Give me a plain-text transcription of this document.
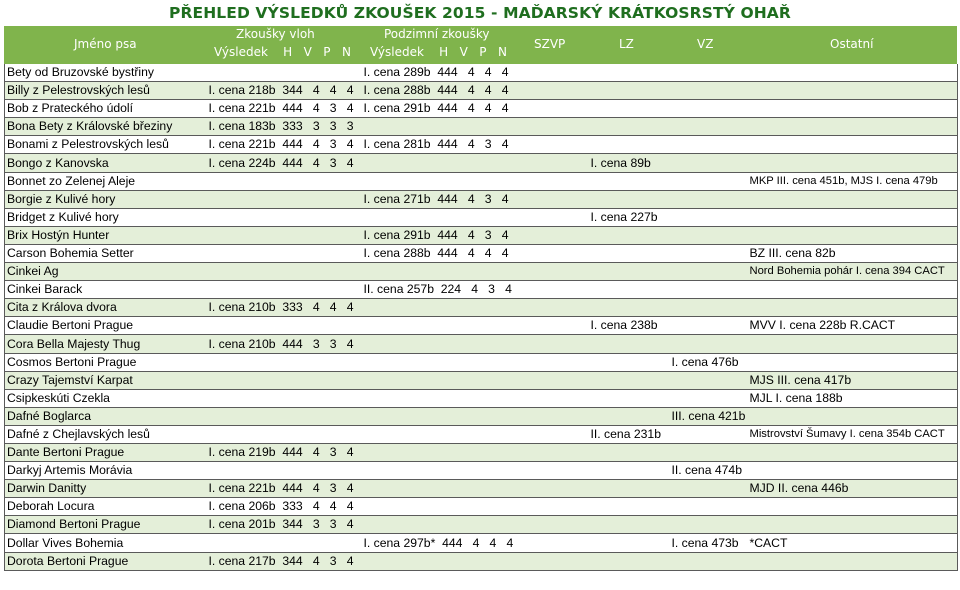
PŘEHLED VÝSLEDKŮ ZKOUŠEK 2015 - MAĎARSKÝ KRÁTKOSRSTÝ OHAŘ
Jméno psa
Zkoušky vloh	Podzimní zkoušky
Výsledek    H   V   P   N Výsledek    H   V   P   N
SZVP	LZ	VZ	Ostatní
Bety od Bruzovské bystřiny		I. cena 289b  444   4   4   4			
Billy z Pelestrovských lesů	I. cena 218b  344   4   4   4	I. cena 288b  444   4   4   4			
Bob z Prateckého údolí	I. cena 221b  444   4   3   4	I. cena 291b  444   4   4   4			
Bona Bety z Královské březiny	I. cena 183b  333   3   3   3				
Bonami z Pelestrovských lesů	I. cena 221b  444   4   3   4	I. cena 281b  444   4   3   4			
Bongo z Kanovska	I. cena 224b  444   4   3   4		I. cena 89b		
Bonnet zo Zelenej Aleje					MKP III. cena 451b, MJS I. cena 479b
Borgie z Kulivé hory		I. cena 271b  444   4   3   4			
Bridget z Kulivé hory			I. cena 227b		
Brix Hostýn Hunter		I. cena 291b  444   4   3   4			
Carson Bohemia Setter		I. cena 288b  444   4   4   4			BZ III. cena 82b
Cinkei Ag					Nord Bohemia pohár I. cena 394 CACT
Cinkei Barack		II. cena 257b  224   4   3   4			
Cita z Králova dvora	I. cena 210b  333   4   4   4				
Claudie Bertoni Prague			I. cena 238b		MVV I. cena 228b R.CACT
Cora Bella Majesty Thug	I. cena 210b  444   3   3   4				
Cosmos Bertoni Prague				I. cena 476b	
Crazy Tajemství Karpat					MJS III. cena 417b
Csipkeskúti Czekla					MJL I. cena 188b
Dafné Boglarca				III. cena 421b	
Dafné z Chejlavských lesů			II. cena 231b		Mistrovství Šumavy I. cena 354b CACT
Dante Bertoni Prague	I. cena 219b  444   4   3   4				
Darkyj Artemis Morávia				II. cena 474b	
Darwin Danitty	I. cena 221b  444   4   3   4				MJD II. cena 446b
Deborah Locura	I. cena 206b  333   4   4   4				
Diamond Bertoni Prague	I. cena 201b  344   3   3   4				
Dollar Vives Bohemia		I. cena 297b*  444   4   4   4		I. cena 473b	*CACT
Dorota Bertoni Prague	I. cena 217b  344   4   3   4				
